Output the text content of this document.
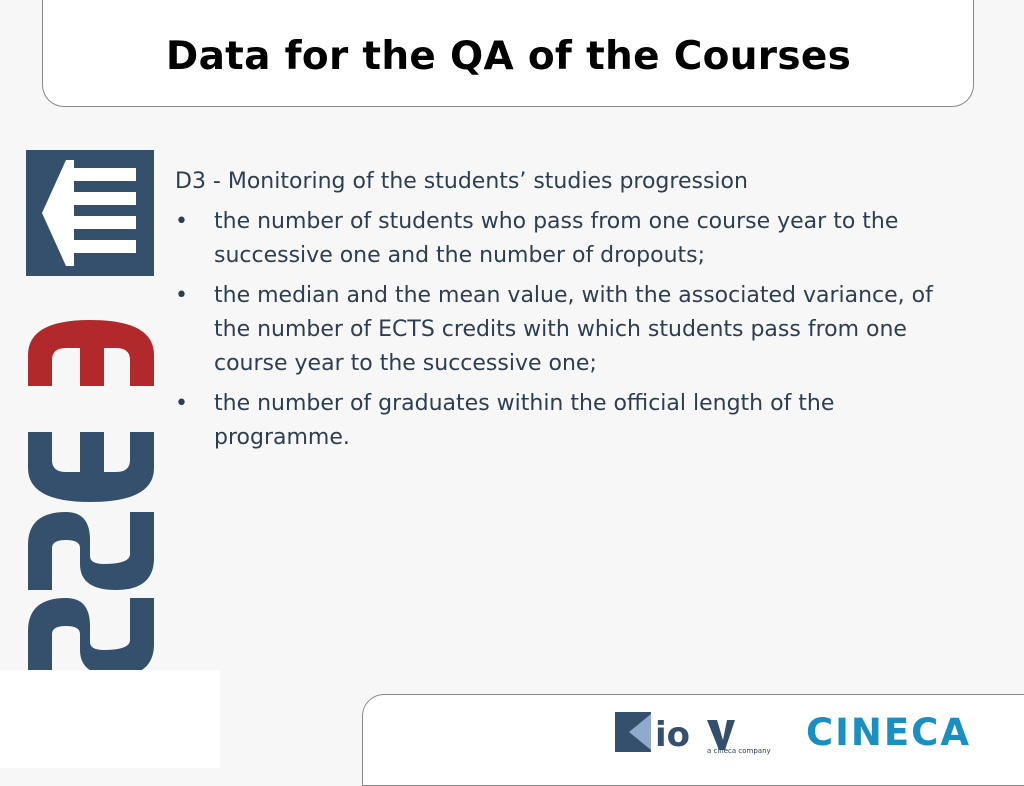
Data for the QA of the Courses
D3 - Monitoring of the students’ studies progression
• the number of students who pass from one course year to the successive one and the number of dropouts;
• the median and the mean value, with the associated variance, of the number of ECTS credits with which students pass from one course year to the successive one;
• the number of graduates within the official length of the programme.
io a cineca company CINECA
